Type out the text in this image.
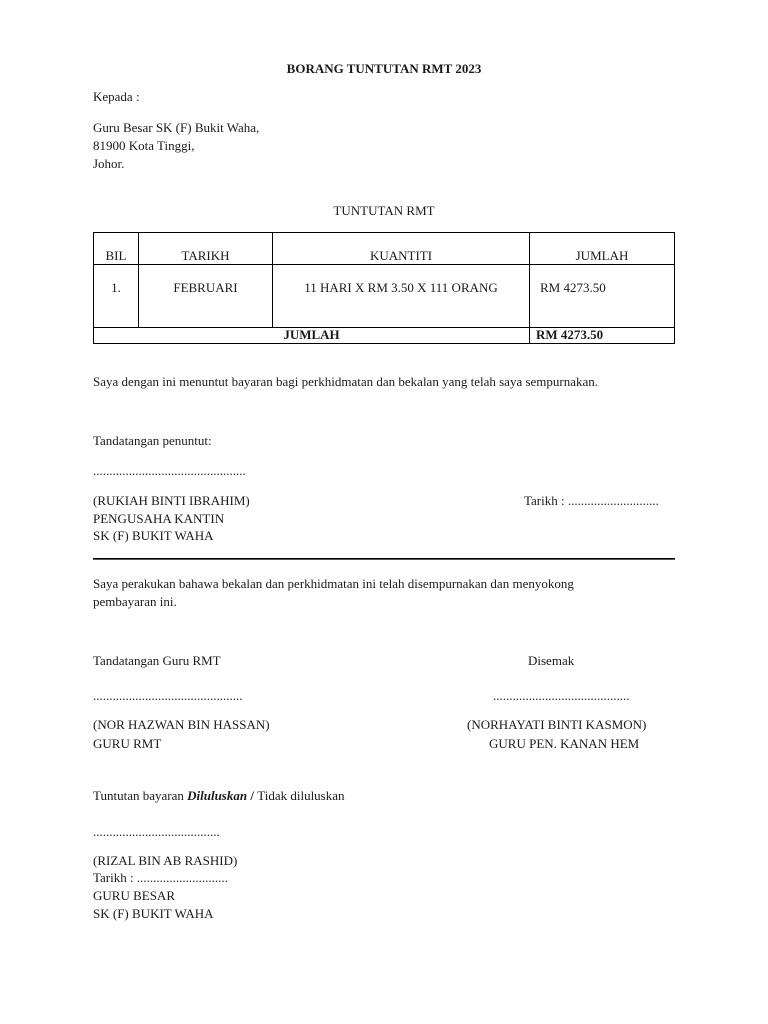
BORANG TUNTUTAN RMT 2023
Kepada :
Guru Besar SK (F) Bukit Waha,
81900 Kota Tinggi,
Johor.
TUNTUTAN RMT
BIL	TARIKH	KUANTITI	JUMLAH
1.	FEBRUARI	11 HARI X RM 3.50 X 111 ORANG	RM 4273.50
JUMLAH	RM 4273.50
Saya dengan ini menuntut bayaran bagi perkhidmatan dan bekalan yang telah saya sempurnakan.
Tandatangan penuntut:
...............................................
(RUKIAH BINTI IBRAHIM)	Tarikh : ............................
PENGUSAHA KANTIN
SK (F) BUKIT WAHA
Saya perakukan bahawa bekalan dan perkhidmatan ini telah disempurnakan dan menyokong
pembayaran ini.
Tandatangan Guru RMT	Disemak
..............................................	..........................................
(NOR HAZWAN BIN HASSAN)	(NORHAYATI BINTI KASMON)
GURU RMT	GURU PEN. KANAN HEM
Tuntutan bayaran Diluluskan / Tidak diluluskan
.......................................
(RIZAL BIN AB RASHID)
Tarikh : ............................
GURU BESAR
SK (F) BUKIT WAHA
